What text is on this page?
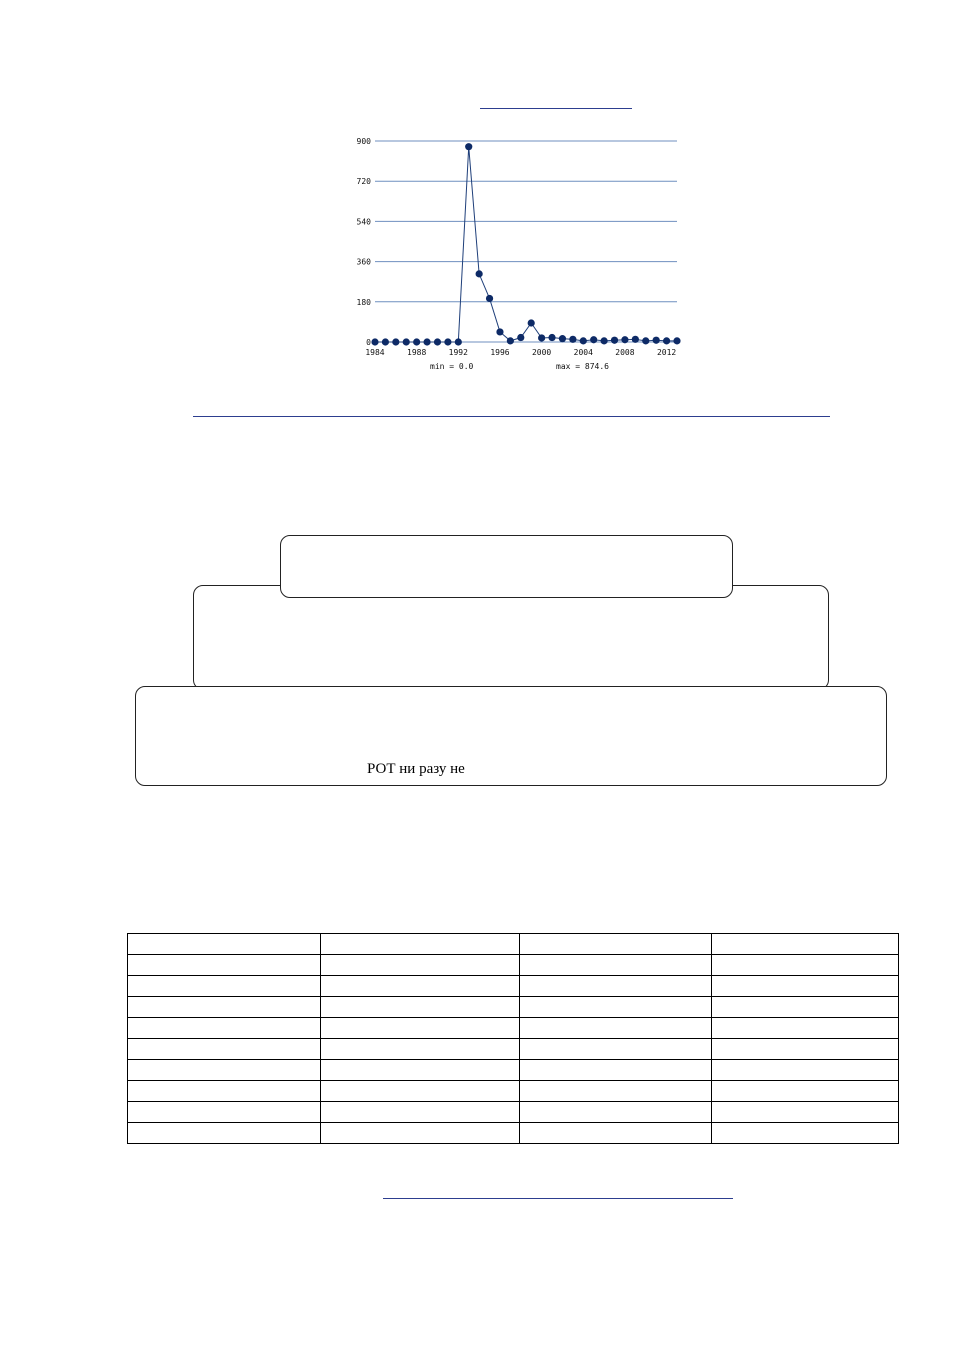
0
180
360
540
720
900
1984	1988	1992	1996	2000	2004	2008	2012
min = 0.0	max = 874.6
РОТ ни разу не
